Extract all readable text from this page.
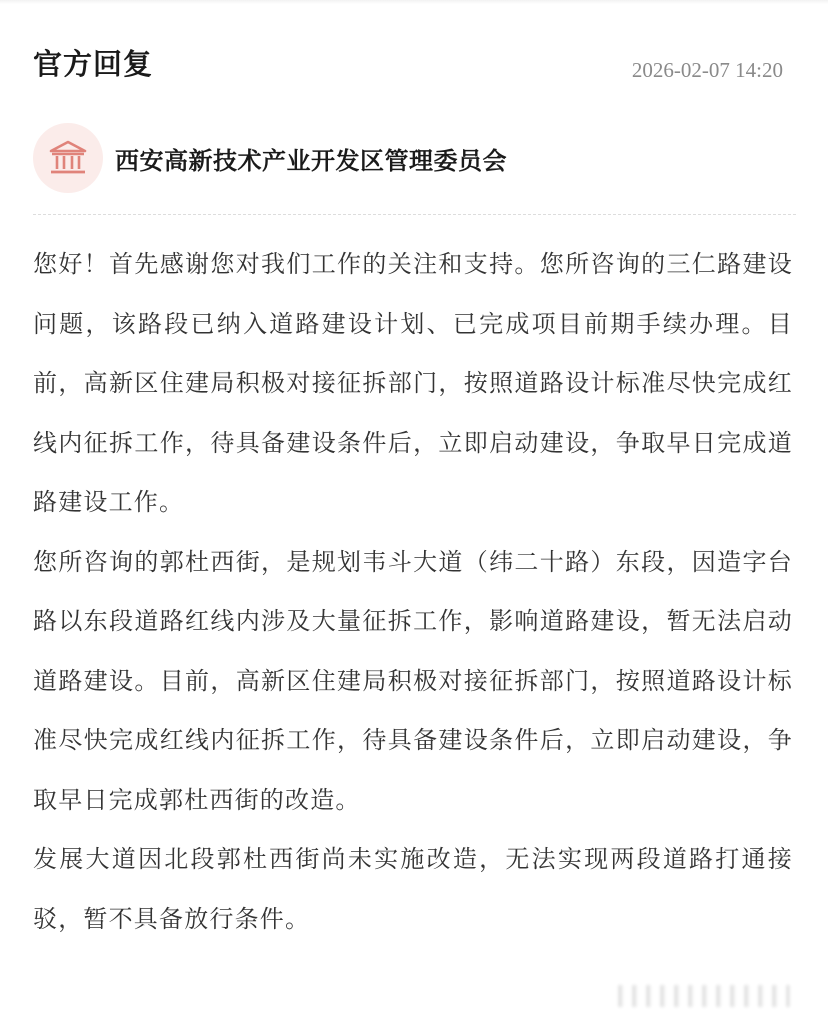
官方回复	2026-02-07 14:20
西安高新技术产业开发区管理委员会

您好！首先感谢您对我们工作的关注和支持。您所咨询的三仁路建设问题，该路段已纳入道路建设计划、已完成项目前期手续办理。目前，高新区住建局积极对接征拆部门，按照道路设计标准尽快完成红线内征拆工作，待具备建设条件后，立即启动建设，争取早日完成道路建设工作。

您所咨询的郭杜西街，是规划韦斗大道（纬二十路）东段，因造字台路以东段道路红线内涉及大量征拆工作，影响道路建设，暂无法启动道路建设。目前，高新区住建局积极对接征拆部门，按照道路设计标准尽快完成红线内征拆工作，待具备建设条件后，立即启动建设，争取早日完成郭杜西街的改造。

发展大道因北段郭杜西街尚未实施改造，无法实现两段道路打通接驳，暂不具备放行条件。
